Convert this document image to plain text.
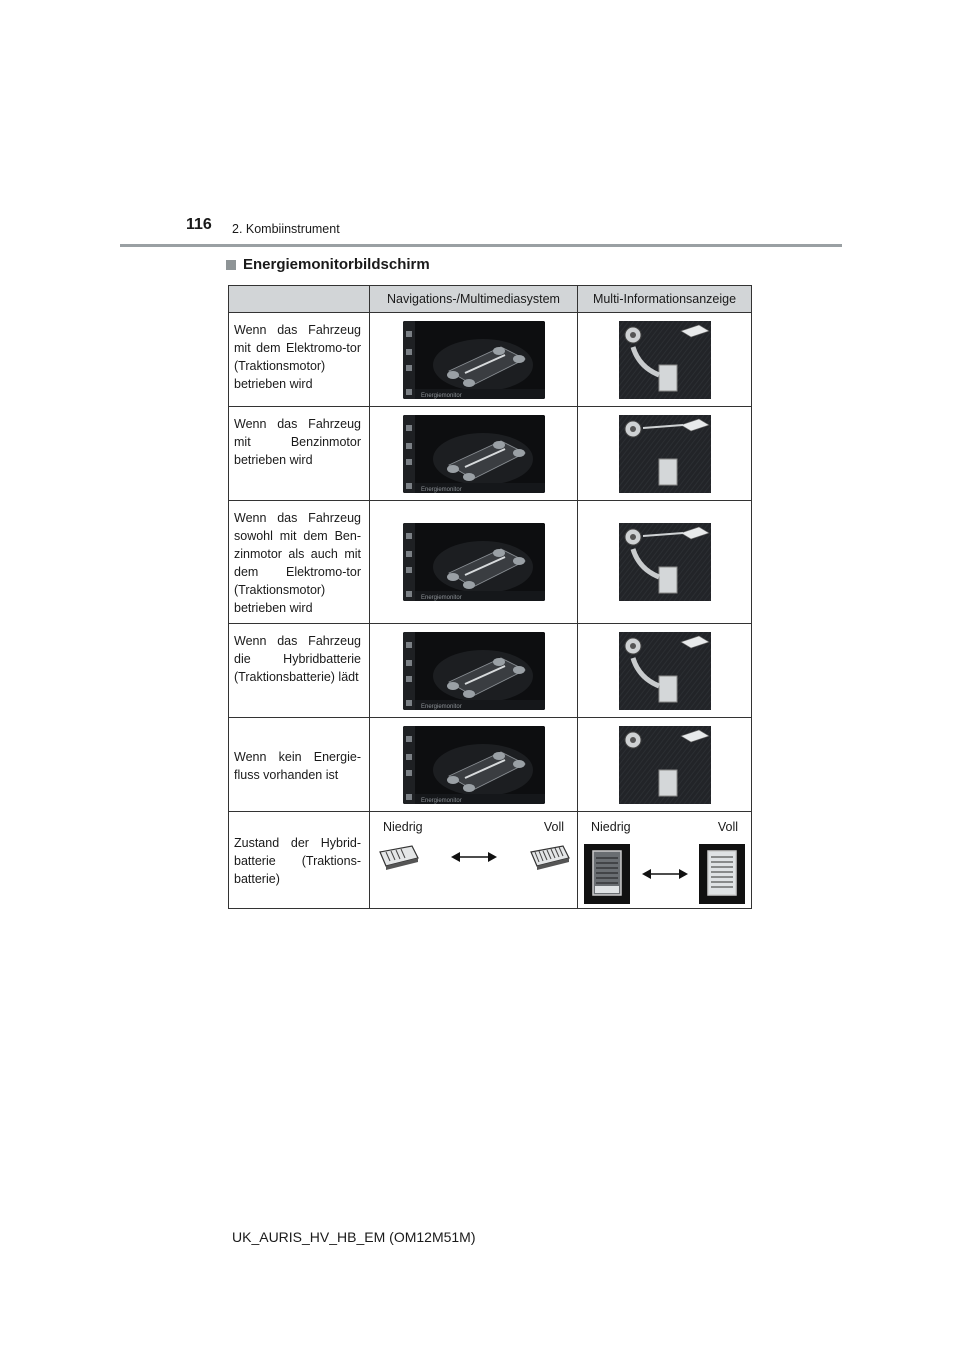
116 2. Kombiinstrument
Energiemonitorbildschirm
	Navigations-/Multimediasystem	Multi-Informationsanzeige
Wenn das Fahrzeug mit dem Elektromo-tor (Traktionsmotor) betrieben wird	Energiemonitor

Wenn das Fahrzeug mit Benzinmotor betrieben wird	Energiemonitor

Wenn das Fahrzeug sowohl mit dem Ben-zinmotor als auch mit dem Elektromo-tor (Traktionsmotor) betrieben wird	Energiemonitor

Wenn das Fahrzeug die Hybridbatterie (Traktionsbatterie) lädt	Energiemonitor

Wenn kein Energie-fluss vorhanden ist	Energiemonitor

Zustand der Hybrid-batterie (Traktions-batterie)	Niedrig Voll	Niedrig Voll
UK_AURIS_HV_HB_EM (OM12M51M)
